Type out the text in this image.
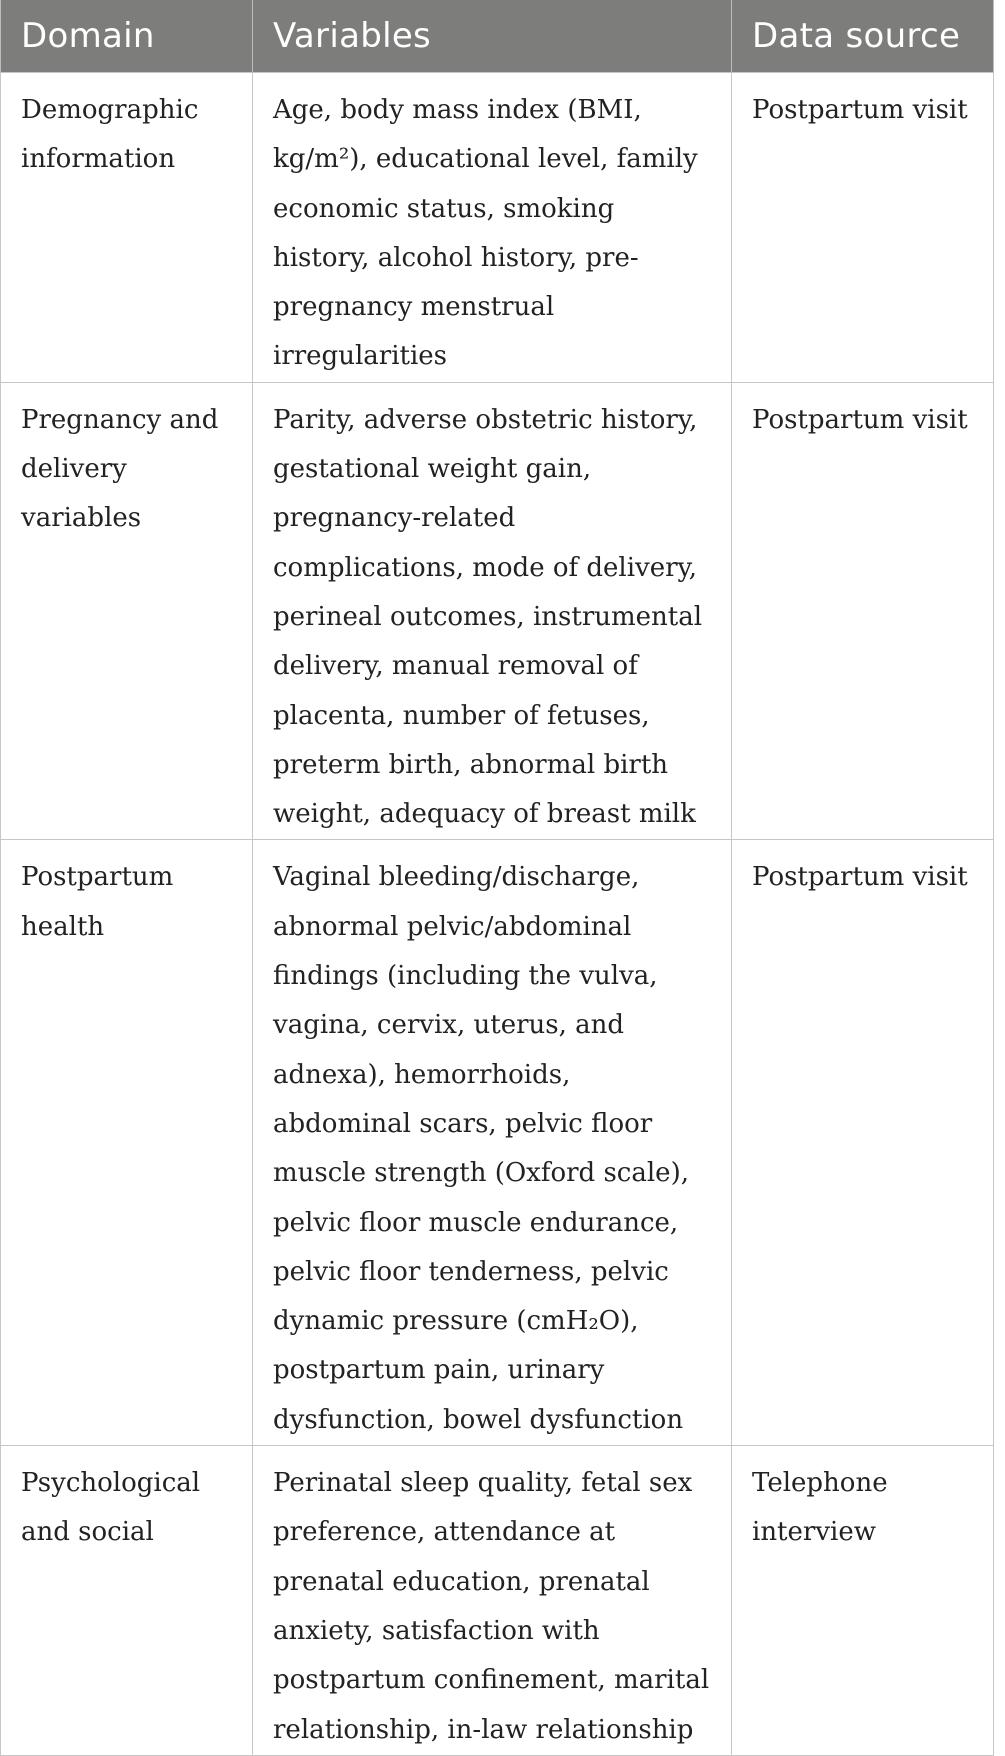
Domain	Variables	Data source

Demographic information	Age, body mass index (BMI, kg/m²), educational level, family economic status, smoking history, alcohol history, pre-pregnancy menstrual irregularities	Postpartum visit

Pregnancy and delivery variables	Parity, adverse obstetric history, gestational weight gain, pregnancy-related complications, mode of delivery, perineal outcomes, instrumental delivery, manual removal of placenta, number of fetuses, preterm birth, abnormal birth weight, adequacy of breast milk	Postpartum visit

Postpartum health	Vaginal bleeding/discharge, abnormal pelvic/abdominal findings (including the vulva, vagina, cervix, uterus, and adnexa), hemorrhoids, abdominal scars, pelvic floor muscle strength (Oxford scale), pelvic floor muscle endurance, pelvic floor tenderness, pelvic dynamic pressure (cmH₂O), postpartum pain, urinary dysfunction, bowel dysfunction	Postpartum visit

Psychological and social	Perinatal sleep quality, fetal sex preference, attendance at prenatal education, prenatal anxiety, satisfaction with postpartum confinement, marital relationship, in-law relationship	Telephone interview
